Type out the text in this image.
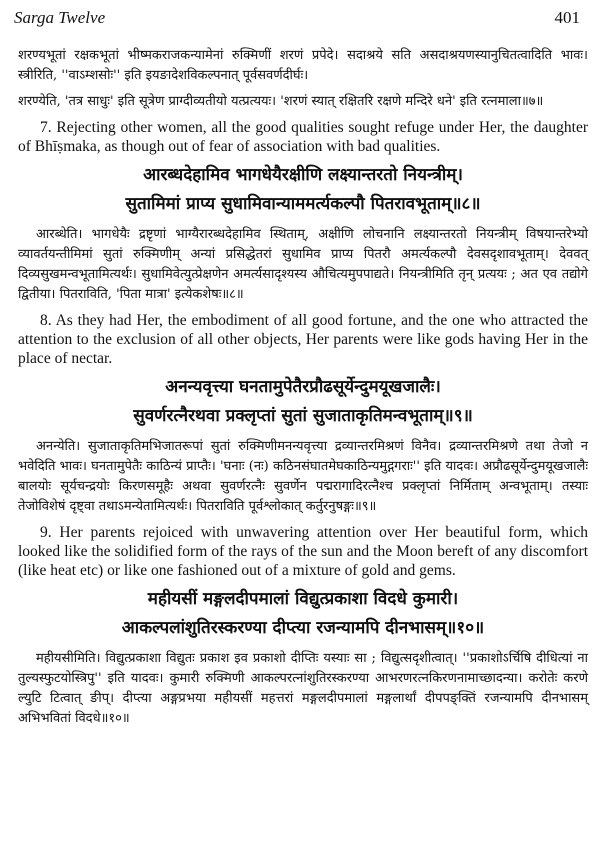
Sarga Twelve	401

शरण्यभूतां रक्षकभूतां भीष्मकराजकन्यामेनां रुक्मिणीं शरणं प्रपेदे। सदाश्रये सति असदाश्रयणस्यानुचितत्वादिति भावः। स्त्रीरिति, ''वाऽम्शसोः'' इति इयङादेशविकल्पनात् पूर्वसवर्णदीर्घः।

शरण्येति, 'तत्र साधुः' इति सूत्रेण प्राग्दीव्यतीयो यत्प्रत्ययः। 'शरणं स्यात् रक्षितरि रक्षणे मन्दिरे धने' इति रत्नमाला॥७॥

7. Rejecting other women, all the good qualities sought refuge under Her, the daughter of Bhīṣmaka, as though out of fear of association with bad qualities.

आरब्धदेहामिव भागधेयैरक्षीणि लक्ष्यान्तरतो नियन्त्रीम्।

सुतामिमां प्राप्य सुधामिवान्याममर्त्यकल्पौ पितरावभूताम्॥८॥

आरब्धेति। भागधेयैः द्रष्टृणां भाग्यैरारब्धदेहामिव स्थिताम्, अक्षीणि लोचनानि लक्ष्यान्तरतो नियन्त्रीम् विषयान्तरेभ्यो व्यावर्तयन्तीमिमां सुतां रुक्मिणीम् अन्यां प्रसिद्धेतरां सुधामिव प्राप्य पितरौ अमर्त्यकल्पौ देवसदृशावभूताम्। देववत् दिव्यसुखमन्वभूतामित्यर्थः। सुधामिवेत्युत्प्रेक्षणेन अमर्त्यसादृश्यस्य औचित्यमुपपाद्यते। नियन्त्रीमिति तृन् प्रत्ययः ; अत एव तद्योगे द्वितीया। पितराविति, 'पिता मात्रा' इत्येकशेषः॥८॥

8. As they had Her, the embodiment of all good fortune, and the one who attracted the attention to the exclusion of all other objects, Her parents were like gods having Her in the place of nectar.

अनन्यवृत्त्या घनतामुपेतैरप्रौढसूर्येन्दुमयूखजालैः।

सुवर्णरत्नैरथवा प्रक्लृप्तां सुतां सुजाताकृतिमन्वभूताम्॥९॥

अनन्येति। सुजाताकृतिमभिजातरूपां सुतां रुक्मिणीमनन्यवृत्त्या द्रव्यान्तरमिश्रणं विनैव। द्रव्यान्तरमिश्रणे तथा तेजो न भवेदिति भावः। घनतामुपेतैः काठिन्यं प्राप्तैः। 'घनाः (नः) कठिनसंघातमेघकाठिन्यमुद्गगराः'' इति यादवः। अप्रौढसूर्येन्दुमयूखजालैः बालयोः सूर्यचन्द्रयोः किरणसमूहैः अथवा सुवर्णरत्नैः सुवर्णेन पद्मरागादिरत्नैश्च प्रक्लृप्तां निर्मिताम् अन्वभूताम्। तस्याः तेजोविशेषं दृष्ट्वा तथाऽमन्येतामित्यर्थः। पितराविति पूर्वश्लोकात् कर्तुरनुषङ्गः॥९॥

9. Her parents rejoiced with unwavering attention over Her beautiful form, which looked like the solidified form of the rays of the sun and the Moon bereft of any discomfort (like heat etc) or like one fashioned out of a mixture of gold and gems.

महीयसीं मङ्गलदीपमालां विद्युत्प्रकाशा विदधे कुमारी।

आकल्पलांशुतिरस्करण्या दीप्त्या रजन्यामपि दीनभासम्॥१०॥

महीयसीमिति। विद्युत्प्रकाशा विद्युतः प्रकाश इव प्रकाशो दीप्तिः यस्याः सा ; विद्युत्सदृशीत्वात्। ''प्रकाशोऽर्चिषि दीधित्यां ना तुल्यस्फुटयोस्त्रिपु'' इति यादवः। कुमारी रुक्मिणी आकल्परत्नांशुतिरस्करण्या आभरणरत्नकिरणनामाच्छादन्या। करोतेः करणे ल्युटि टित्वात् ङीप्। दीप्त्या अङ्गप्रभया महीयसीं महत्तरां मङ्गलदीपमालां मङ्गलार्थां दीपपङ्क्तिं रजन्यामपि दीनभासम् अभिभवितां विदधे॥१०॥
